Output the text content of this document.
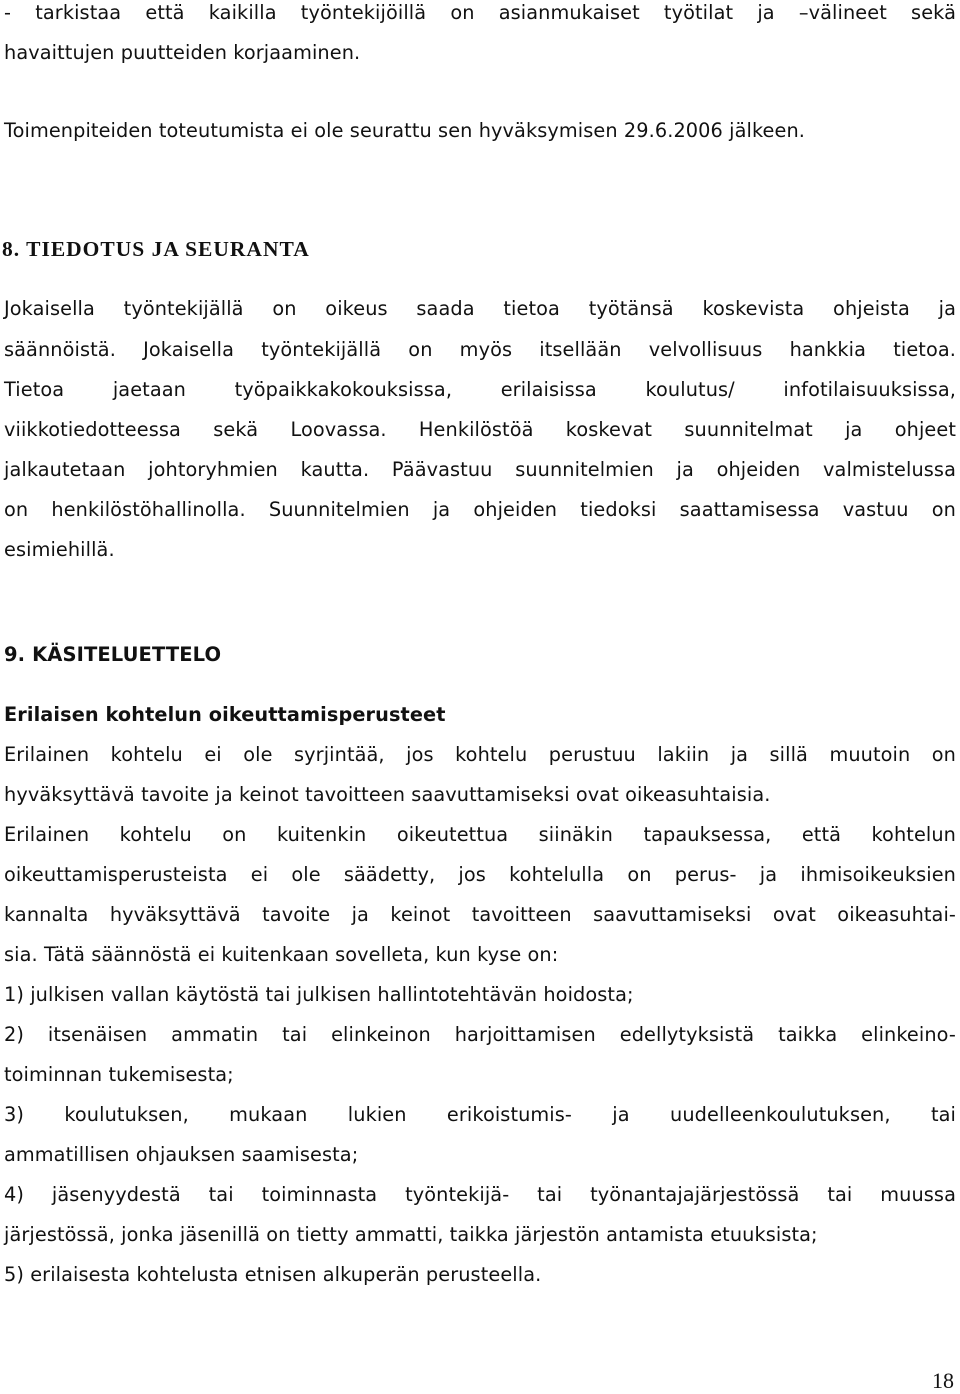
- tarkistaa että kaikilla työntekijöillä on asianmukaiset työtilat ja –välineet sekä
havaittujen puutteiden korjaaminen.
Toimenpiteiden toteutumista ei ole seurattu sen hyväksymisen 29.6.2006 jälkeen.
8. TIEDOTUS JA SEURANTA
Jokaisella työntekijällä on oikeus saada tietoa työtänsä koskevista ohjeista ja
säännöistä. Jokaisella työntekijällä on myös itsellään velvollisuus hankkia tietoa.
Tietoa jaetaan työpaikkakokouksissa, erilaisissa koulutus/ infotilaisuuksissa,
viikkotiedotteessa sekä Loovassa. Henkilöstöä koskevat suunnitelmat ja ohjeet
jalkautetaan johtoryhmien kautta. Päävastuu suunnitelmien ja ohjeiden valmistelussa
on henkilöstöhallinolla. Suunnitelmien ja ohjeiden tiedoksi saattamisessa vastuu on
esimiehillä.
9. KÄSITELUETTELO
Erilaisen kohtelun oikeuttamisperusteet
Erilainen kohtelu ei ole syrjintää, jos kohtelu perustuu lakiin ja sillä muutoin on
hyväksyttävä tavoite ja keinot tavoitteen saavuttamiseksi ovat oikeasuhtaisia.
Erilainen kohtelu on kuitenkin oikeutettua siinäkin tapauksessa, että kohtelun
oikeuttamisperusteista ei ole säädetty, jos kohtelulla on perus- ja ihmisoikeuksien
kannalta hyväksyttävä tavoite ja keinot tavoitteen saavuttamiseksi ovat oikeasuhtai-
sia. Tätä säännöstä ei kuitenkaan sovelleta, kun kyse on:
1) julkisen vallan käytöstä tai julkisen hallintotehtävän hoidosta;
2) itsenäisen ammatin tai elinkeinon harjoittamisen edellytyksistä taikka elinkeino-
toiminnan tukemisesta;
3) koulutuksen, mukaan lukien erikoistumis- ja uudelleenkoulutuksen, tai
ammatillisen ohjauksen saamisesta;
4) jäsenyydestä tai toiminnasta työntekijä- tai työnantajajärjestössä tai muussa
järjestössä, jonka jäsenillä on tietty ammatti, taikka järjestön antamista etuuksista;
5) erilaisesta kohtelusta etnisen alkuperän perusteella.
18
